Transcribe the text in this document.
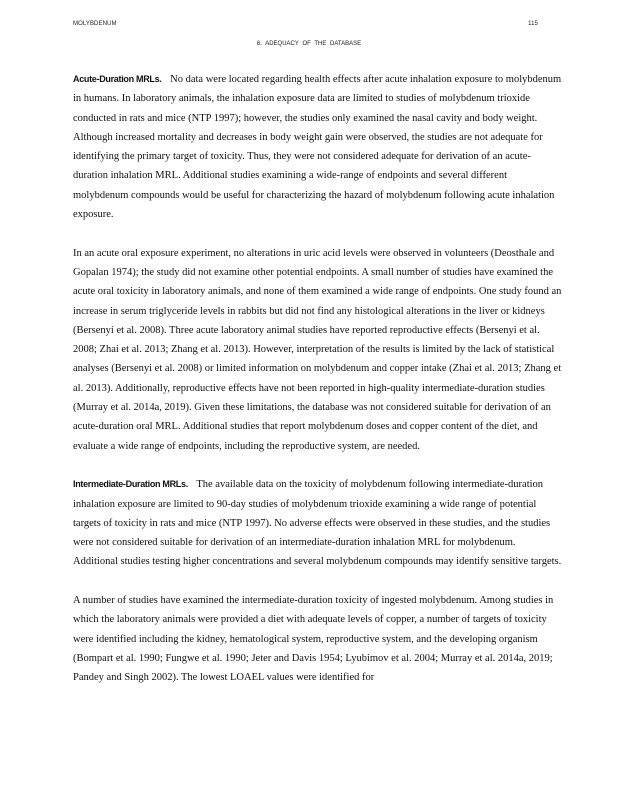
MOLYBDENUM	115
6. ADEQUACY OF THE DATABASE

Acute-Duration MRLs. No data were located regarding health effects after acute inhalation exposure to molybdenum in humans. In laboratory animals, the inhalation exposure data are limited to studies of molybdenum trioxide conducted in rats and mice (NTP 1997); however, the studies only examined the nasal cavity and body weight. Although increased mortality and decreases in body weight gain were observed, the studies are not adequate for identifying the primary target of toxicity. Thus, they were not considered adequate for derivation of an acute-duration inhalation MRL. Additional studies examining a wide-range of endpoints and several different molybdenum compounds would be useful for characterizing the hazard of molybdenum following acute inhalation exposure.

In an acute oral exposure experiment, no alterations in uric acid levels were observed in volunteers (Deosthale and Gopalan 1974); the study did not examine other potential endpoints. A small number of studies have examined the acute oral toxicity in laboratory animals, and none of them examined a wide range of endpoints. One study found an increase in serum triglyceride levels in rabbits but did not find any histological alterations in the liver or kidneys (Bersenyi et al. 2008). Three acute laboratory animal studies have reported reproductive effects (Bersenyi et al. 2008; Zhai et al. 2013; Zhang et al. 2013). However, interpretation of the results is limited by the lack of statistical analyses (Bersenyi et al. 2008) or limited information on molybdenum and copper intake (Zhai et al. 2013; Zhang et al. 2013). Additionally, reproductive effects have not been reported in high-quality intermediate-duration studies (Murray et al. 2014a, 2019). Given these limitations, the database was not considered suitable for derivation of an acute-duration oral MRL. Additional studies that report molybdenum doses and copper content of the diet, and evaluate a wide range of endpoints, including the reproductive system, are needed.

Intermediate-Duration MRLs. The available data on the toxicity of molybdenum following intermediate-duration inhalation exposure are limited to 90-day studies of molybdenum trioxide examining a wide range of potential targets of toxicity in rats and mice (NTP 1997). No adverse effects were observed in these studies, and the studies were not considered suitable for derivation of an intermediate-duration inhalation MRL for molybdenum. Additional studies testing higher concentrations and several molybdenum compounds may identify sensitive targets.

A number of studies have examined the intermediate-duration toxicity of ingested molybdenum. Among studies in which the laboratory animals were provided a diet with adequate levels of copper, a number of targets of toxicity were identified including the kidney, hematological system, reproductive system, and the developing organism (Bompart et al. 1990; Fungwe et al. 1990; Jeter and Davis 1954; Lyubimov et al. 2004; Murray et al. 2014a, 2019; Pandey and Singh 2002). The lowest LOAEL values were identified for
